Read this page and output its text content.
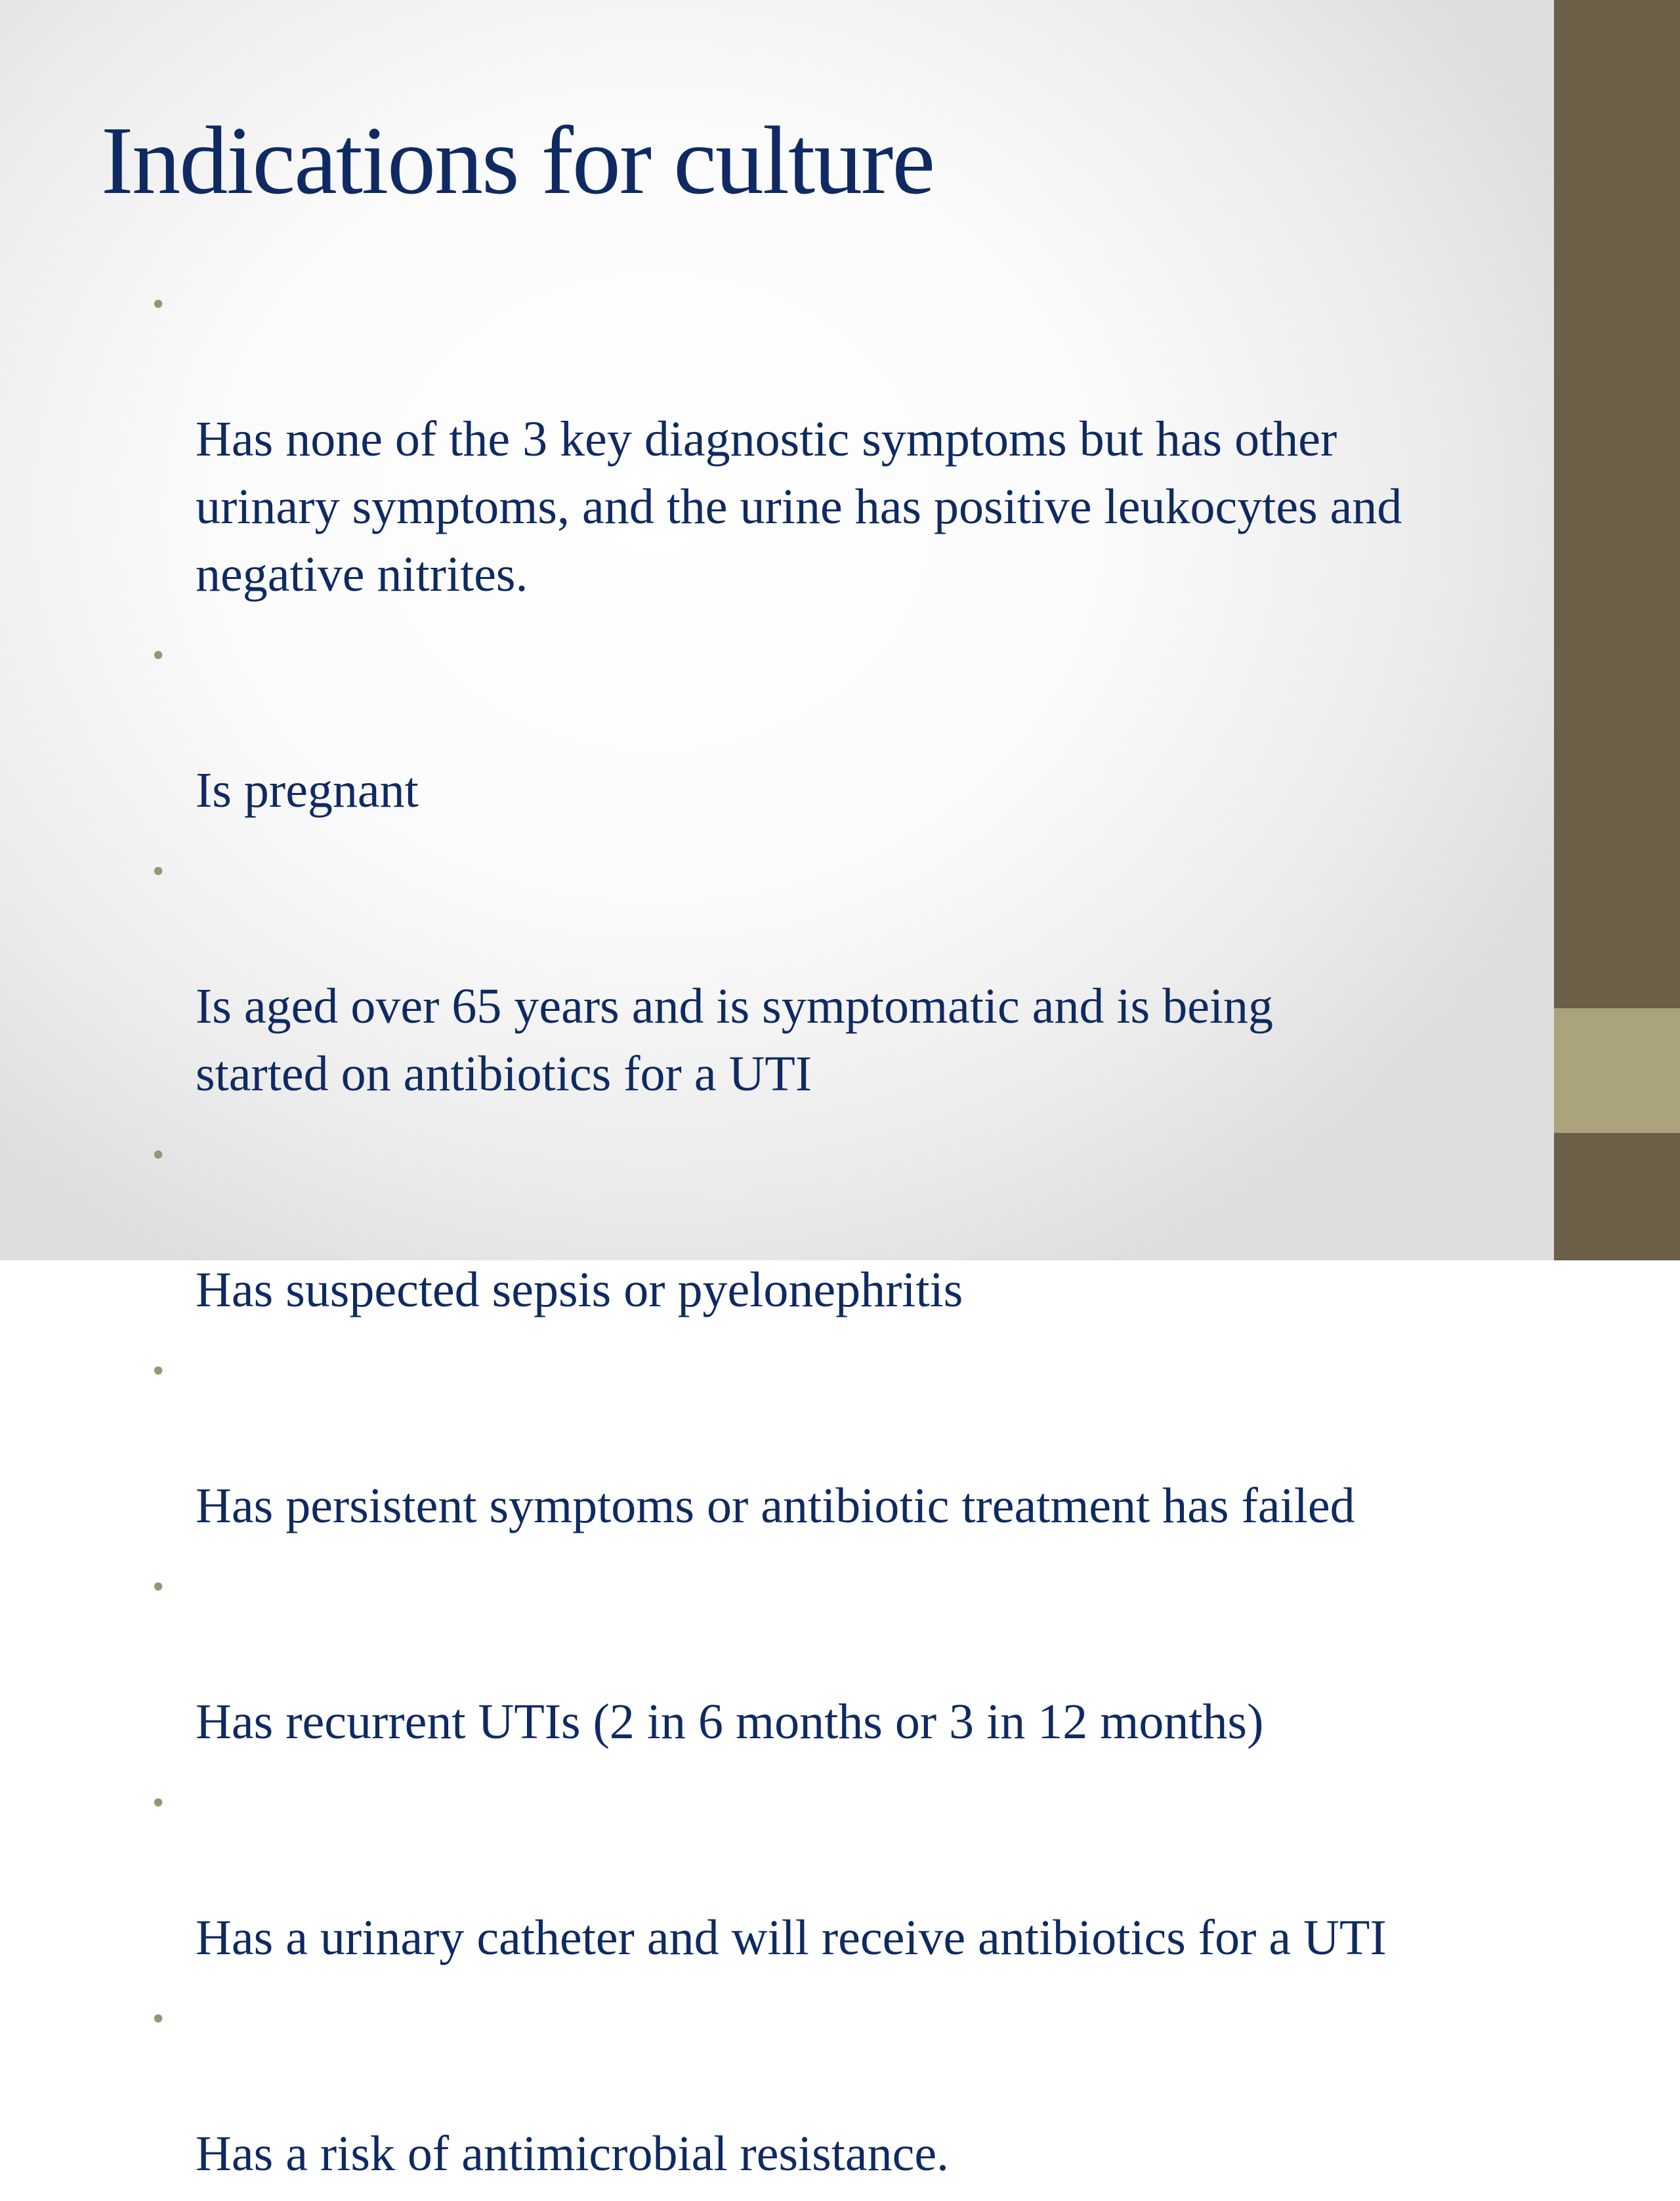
Indications for culture

•

Has none of the 3 key diagnostic symptoms but has other
urinary symptoms, and the urine has positive leukocytes and
negative nitrites.

•

Is pregnant

•

Is aged over 65 years and is symptomatic and is being
started on antibiotics for a UTI

•

Has suspected sepsis or pyelonephritis

•

Has persistent symptoms or antibiotic treatment has failed

•

Has recurrent UTIs (2 in 6 months or 3 in 12 months)

•

Has a urinary catheter and will receive antibiotics for a UTI

•

Has a risk of antimicrobial resistance.
